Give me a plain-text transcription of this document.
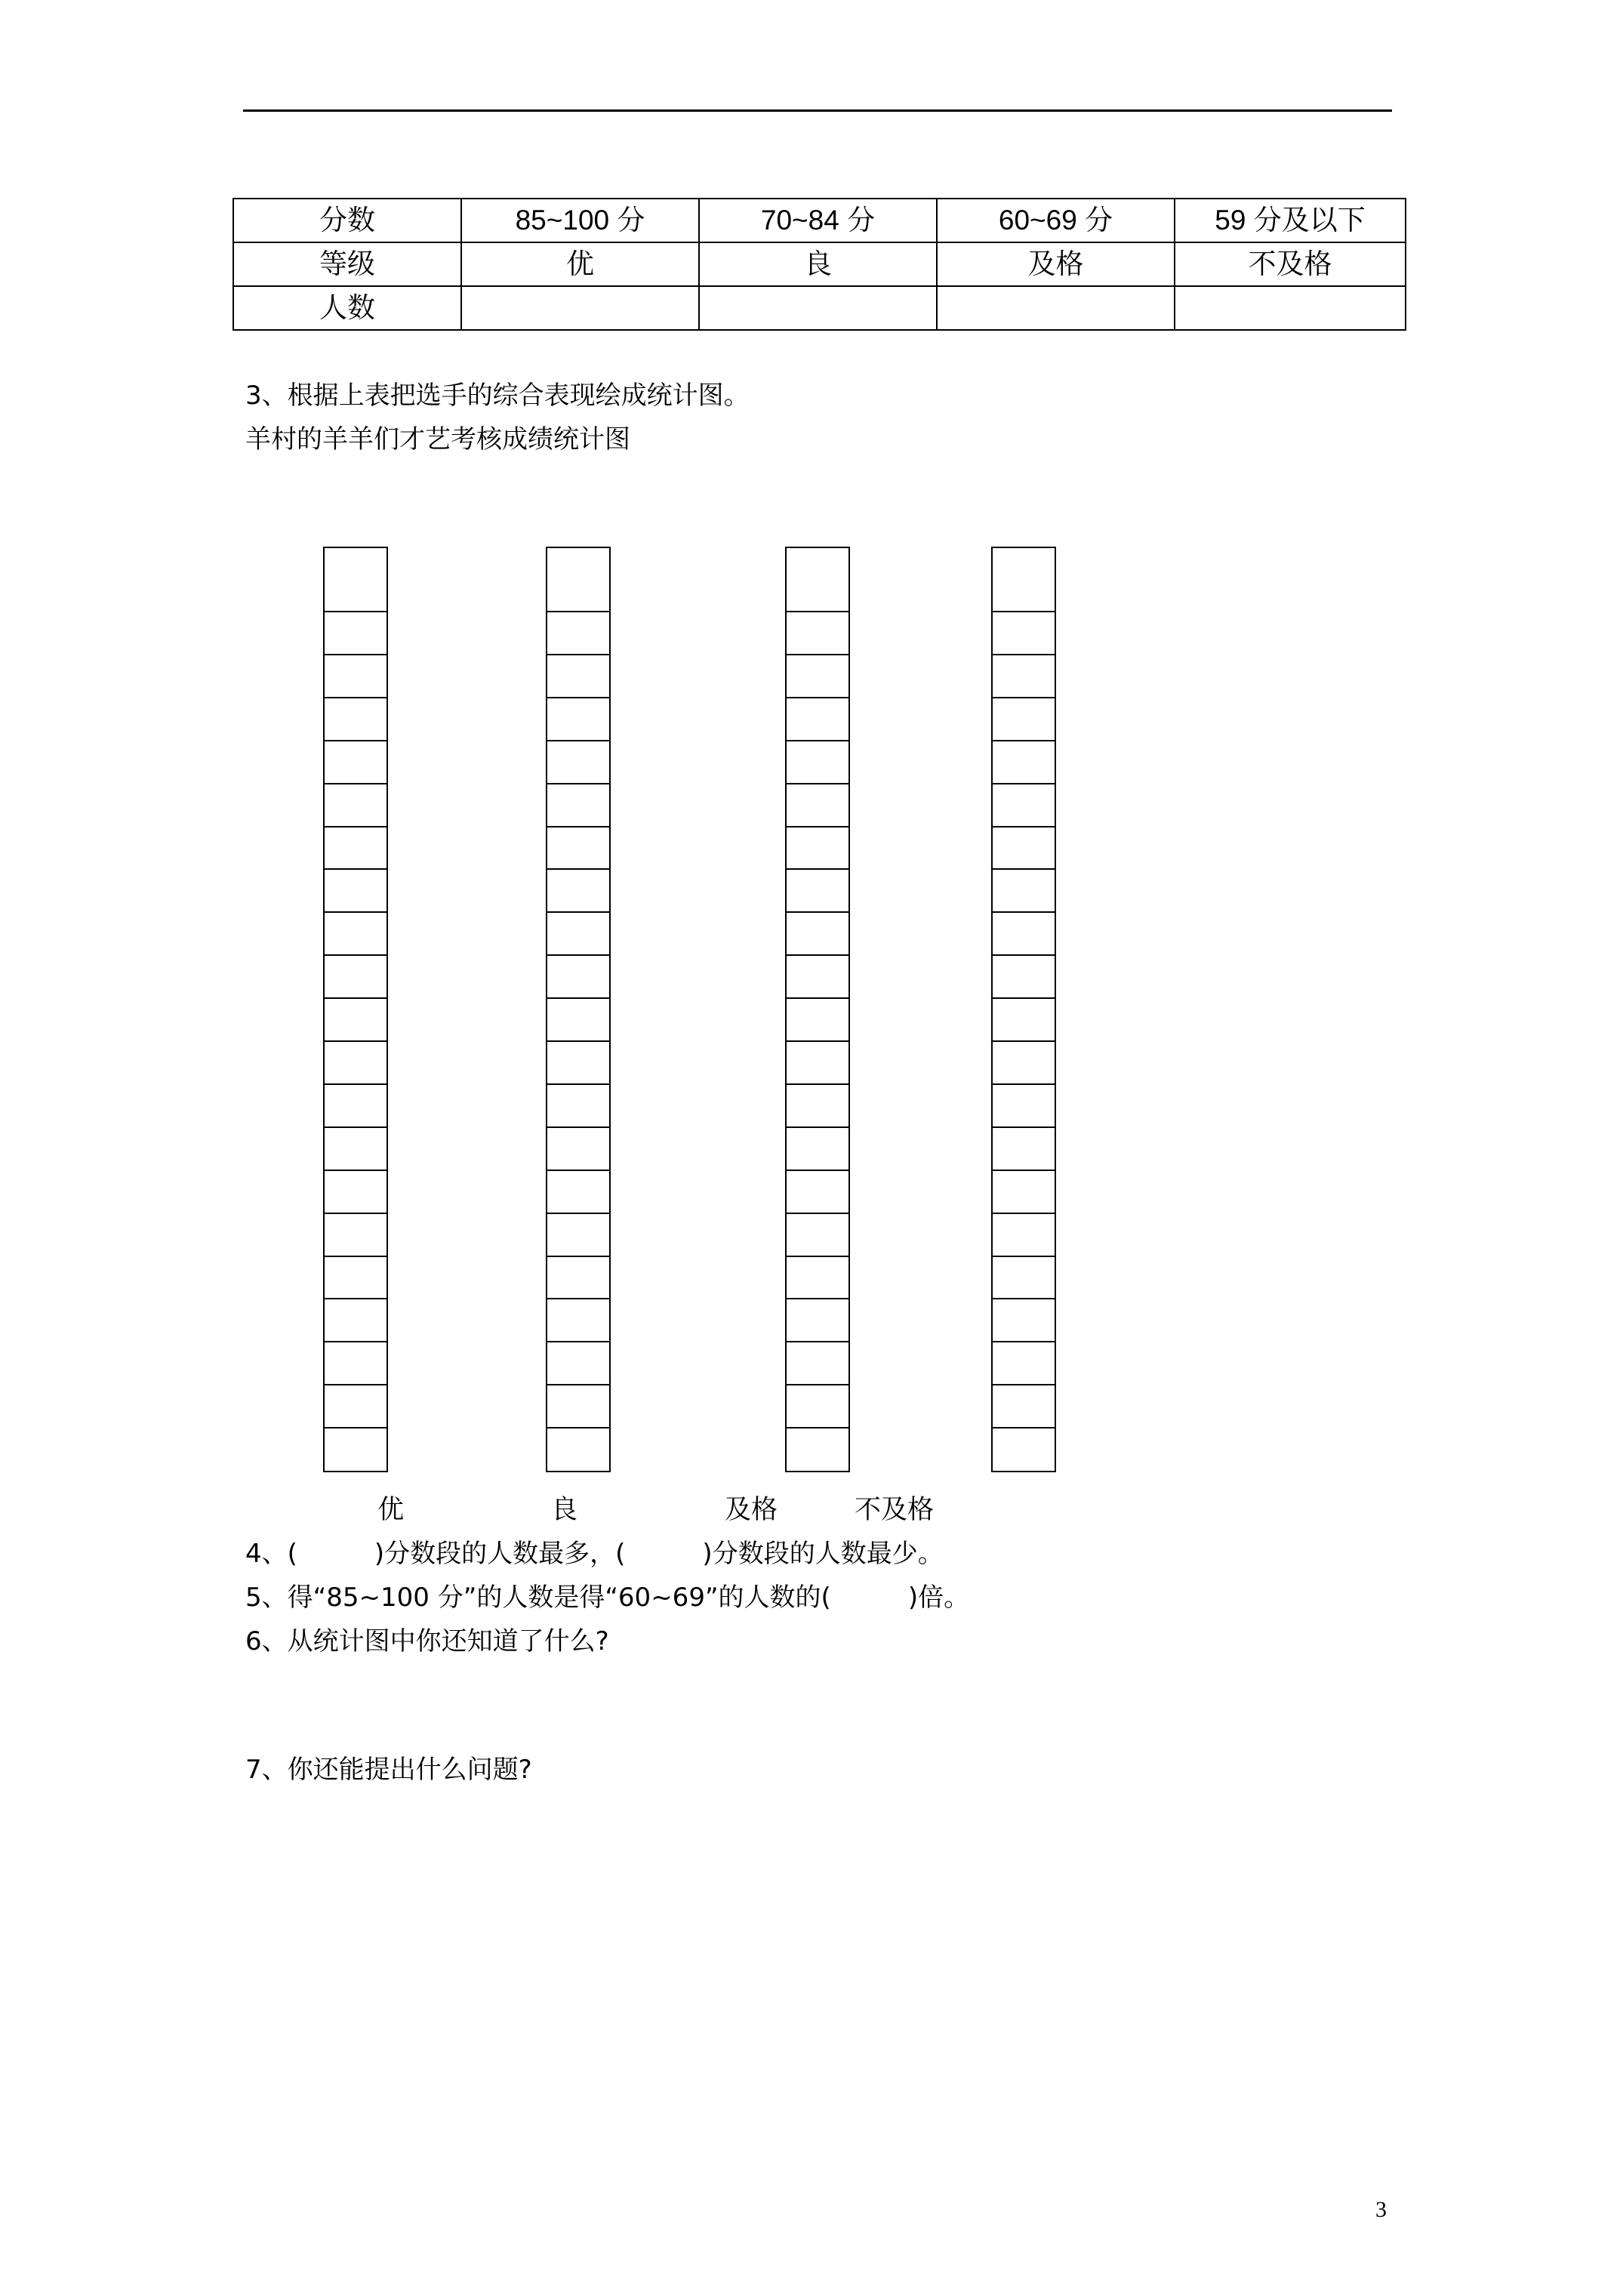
分数	85~100 分	70~84 分	60~69 分	59 分及以下
等级	优	良	及格	不及格
人数				
3、根据上表把选手的综合表现绘成统计图。
羊村的羊羊们才艺考核成绩统计图
优	良	及格	不及格
4、(　　　)分数段的人数最多，(　　　)分数段的人数最少。
5、得“85~100 分”的人数是得“60~69”的人数的(　　　)倍。
6、从统计图中你还知道了什么?
7、你还能提出什么问题?
3
